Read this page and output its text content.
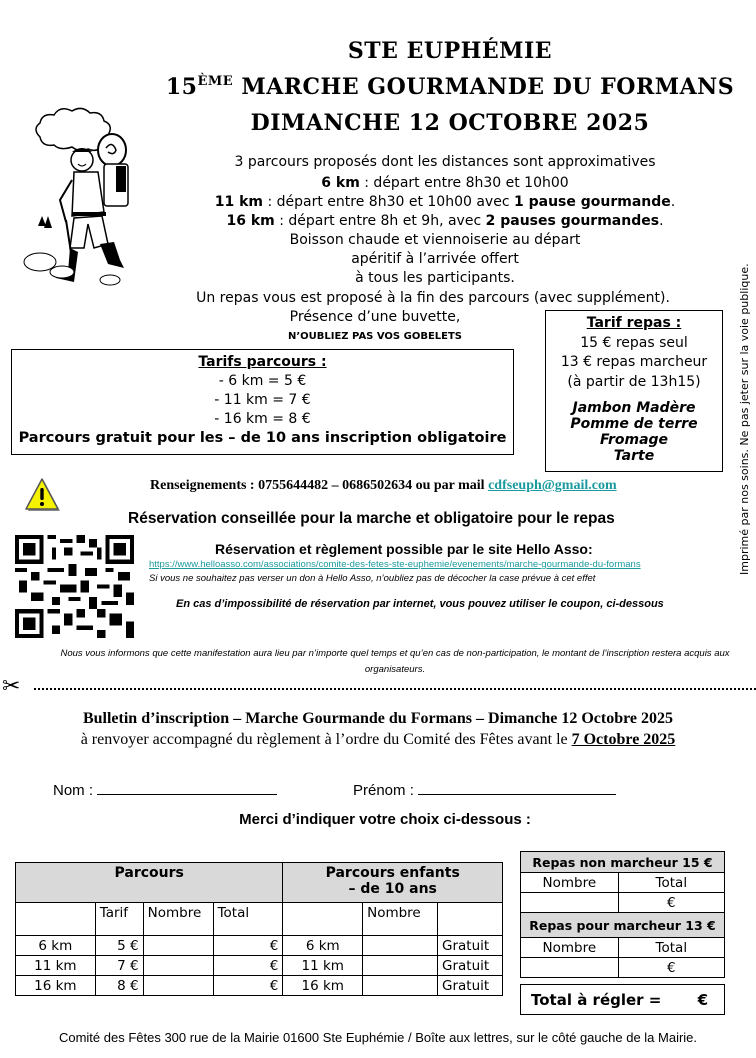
STE EUPHÉMIE
15ÈME MARCHE GOURMANDE DU FORMANS
DIMANCHE 12 OCTOBRE 2025
3 parcours proposés dont les distances sont approximatives
6 km : départ entre 8h30 et 10h00
11 km : départ entre 8h30 et 10h00 avec 1 pause gourmande.
16 km : départ entre 8h et 9h, avec 2 pauses gourmandes.
Boisson chaude et viennoiserie au départ
apéritif à l’arrivée offert
à tous les participants.
Un repas vous est proposé à la fin des parcours (avec supplément).
Présence d’une buvette,
N’OUBLIEZ PAS VOS GOBELETS
Tarifs parcours :
- 6 km = 5 €
- 11 km = 7 €
- 16 km = 8 €
Parcours gratuit pour les – de 10 ans inscription obligatoire
Tarif repas :
15 € repas seul
13 € repas marcheur
(à partir de 13h15)
Jambon Madère
Pomme de terre
Fromage
Tarte	Imprimé par nos soins. Ne pas jeter sur la voie publique.
Renseignements : 0755644482 – 0686502634 ou par mail cdfseuph@gmail.com
Réservation conseillée pour la marche et obligatoire pour le repas
Réservation et règlement possible par le site Hello Asso:
https://www.helloasso.com/associations/comite-des-fetes-ste-euphemie/evenements/marche-gourmande-du-formans
Si vous ne souhaitez pas verser un don à Hello Asso, n’oubliez pas de décocher la case prévue à cet effet
En cas d’impossibilité de réservation par internet, vous pouvez utiliser le coupon, ci-dessous
Nous vous informons que cette manifestation aura lieu par n’importe quel temps et qu’en cas de non-participation, le montant de l’inscription restera acquis aux organisateurs.
✂
Bulletin d’inscription – Marche Gourmande du Formans – Dimanche 12 Octobre 2025
à renvoyer accompagné du règlement à l’ordre du Comité des Fêtes avant le 7 Octobre 2025
Nom :	Prénom :
Merci d’indiquer votre choix ci-dessous :
Parcours				Parcours enfants
– de 10 ans		

	Tarif	Nombre	Total		Nombre	
6 km	5 €		€	6 km		Gratuit
11 km	7 €		€	11 km		Gratuit
16 km	8 €		€	16 km		Gratuit
Repas non marcheur 15 €	
Nombre	Total
	€
Repas pour marcheur 13 €	
Nombre	Total
	€
Total à régler = €
Comité des Fêtes 300 rue de la Mairie 01600 Ste Euphémie / Boîte aux lettres, sur le côté gauche de la Mairie.
